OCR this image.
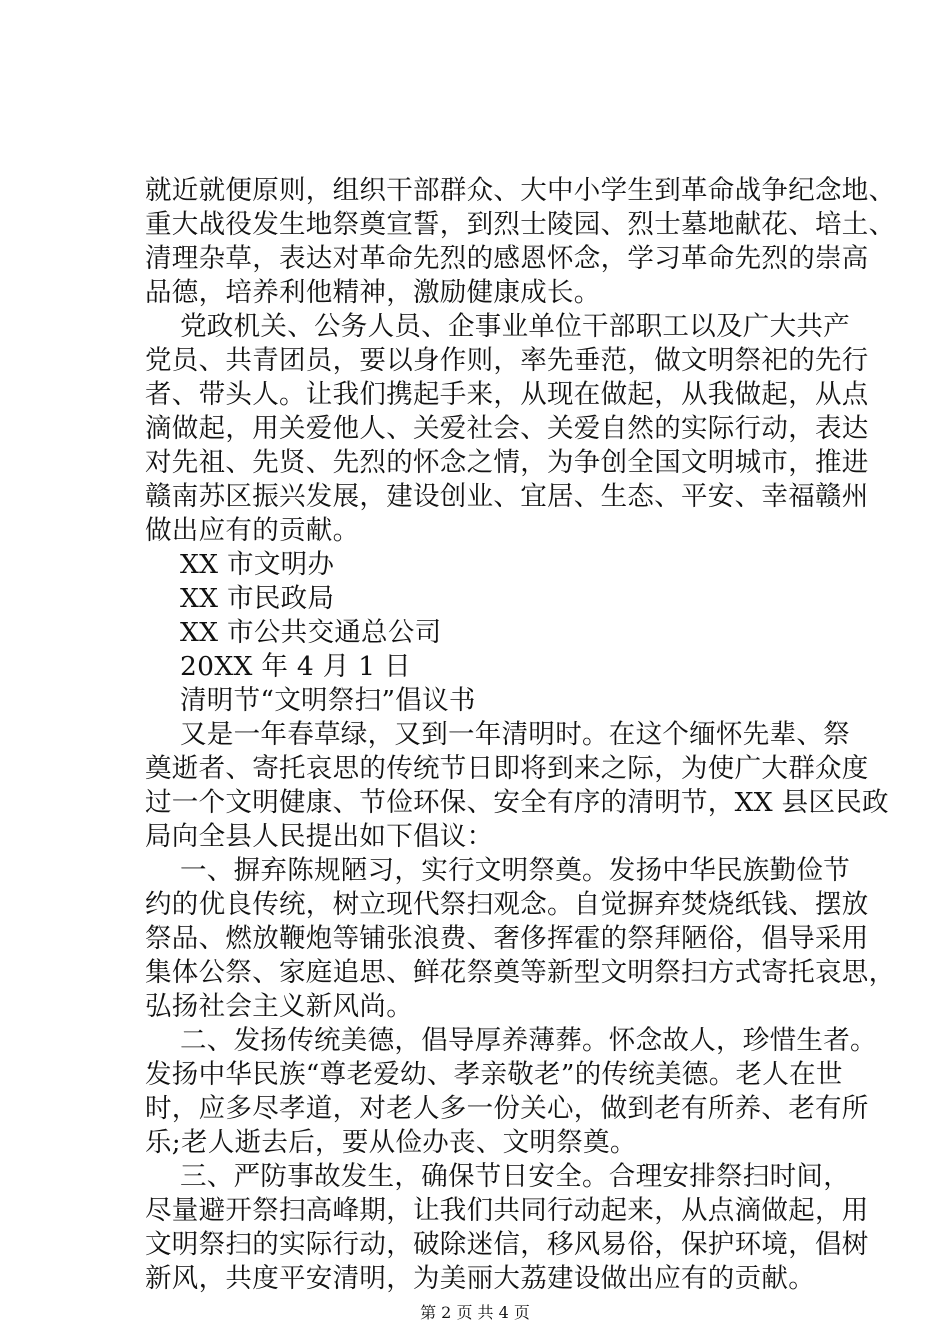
就近就便原则，组织干部群众、大中小学生到革命战争纪念地、
重大战役发生地祭奠宣誓，到烈士陵园、烈士墓地献花、培土、
清理杂草，表达对革命先烈的感恩怀念，学习革命先烈的崇高
品德，培养利他精神，激励健康成长。
党政机关、公务人员、企事业单位干部职工以及广大共产
党员、共青团员，要以身作则，率先垂范，做文明祭祀的先行
者、带头人。让我们携起手来，从现在做起，从我做起，从点
滴做起，用关爱他人、关爱社会、关爱自然的实际行动，表达
对先祖、先贤、先烈的怀念之情，为争创全国文明城市，推进
赣南苏区振兴发展，建设创业、宜居、生态、平安、幸福赣州
做出应有的贡献。
XX 市文明办
XX 市民政局
XX 市公共交通总公司
20XX 年 4 月 1 日
清明节“文明祭扫”倡议书
又是一年春草绿，又到一年清明时。在这个缅怀先辈、祭
奠逝者、寄托哀思的传统节日即将到来之际，为使广大群众度
过一个文明健康、节俭环保、安全有序的清明节，XX 县区民政
局向全县人民提出如下倡议：
一、摒弃陈规陋习，实行文明祭奠。发扬中华民族勤俭节
约的优良传统，树立现代祭扫观念。自觉摒弃焚烧纸钱、摆放
祭品、燃放鞭炮等铺张浪费、奢侈挥霍的祭拜陋俗，倡导采用
集体公祭、家庭追思、鲜花祭奠等新型文明祭扫方式寄托哀思，
弘扬社会主义新风尚。
二、发扬传统美德，倡导厚养薄葬。怀念故人，珍惜生者。
发扬中华民族“尊老爱幼、孝亲敬老”的传统美德。老人在世
时，应多尽孝道，对老人多一份关心，做到老有所养、老有所
乐;老人逝去后，要从俭办丧、文明祭奠。
三、严防事故发生，确保节日安全。合理安排祭扫时间，
尽量避开祭扫高峰期，让我们共同行动起来，从点滴做起，用
文明祭扫的实际行动，破除迷信，移风易俗，保护环境，倡树
新风，共度平安清明，为美丽大荔建设做出应有的贡献。
第 2 页 共 4 页
